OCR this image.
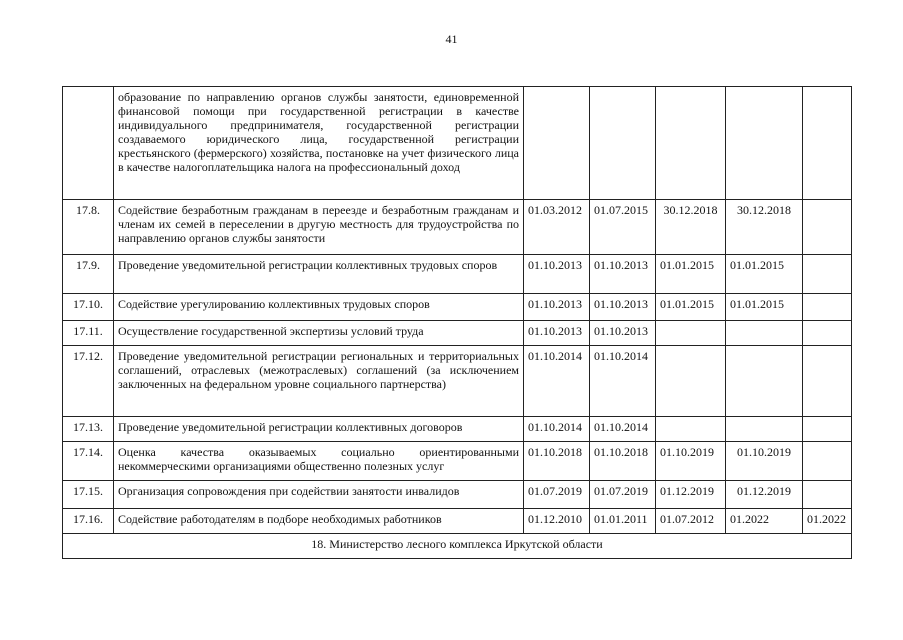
41
	образование по направлению органов службы занятости, единовременной финансовой помощи при государственной регистрации в качестве индивидуального предпринимателя, государственной регистрации создаваемого юридического лица, государственной регистрации крестьянского (фермерского) хозяйства, постановке на учет физического лица в качестве налогоплательщика налога на профессиональный доход					
17.8.	Содействие безработным гражданам в переезде и безработным гражданам и членам их семей в переселении в другую местность для трудоустройства по направлению органов службы занятости	01.03.2012	01.07.2015	30.12.2018	30.12.2018	
17.9.	Проведение уведомительной регистрации коллективных трудовых споров	01.10.2013	01.10.2013	01.01.2015	01.01.2015	
17.10.	Содействие урегулированию коллективных трудовых споров	01.10.2013	01.10.2013	01.01.2015	01.01.2015	
17.11.	Осуществление государственной экспертизы условий труда	01.10.2013	01.10.2013			
17.12.	Проведение уведомительной регистрации региональных и территориальных соглашений, отраслевых (межотраслевых) соглашений (за исключением заключенных на федеральном уровне социального партнерства)	01.10.2014	01.10.2014			
17.13.	Проведение уведомительной регистрации коллективных договоров	01.10.2014	01.10.2014			
17.14.	Оценка качества оказываемых социально ориентированными некоммерческими организациями общественно полезных услуг	01.10.2018	01.10.2018	01.10.2019	01.10.2019	
17.15.	Организация сопровождения при содействии занятости инвалидов	01.07.2019	01.07.2019	01.12.2019	01.12.2019	
17.16.	Содействие работодателям в подборе необходимых работников	01.12.2010	01.01.2011	01.07.2012	01.2022	01.2022
18. Министерство лесного комплекса Иркутской области						
